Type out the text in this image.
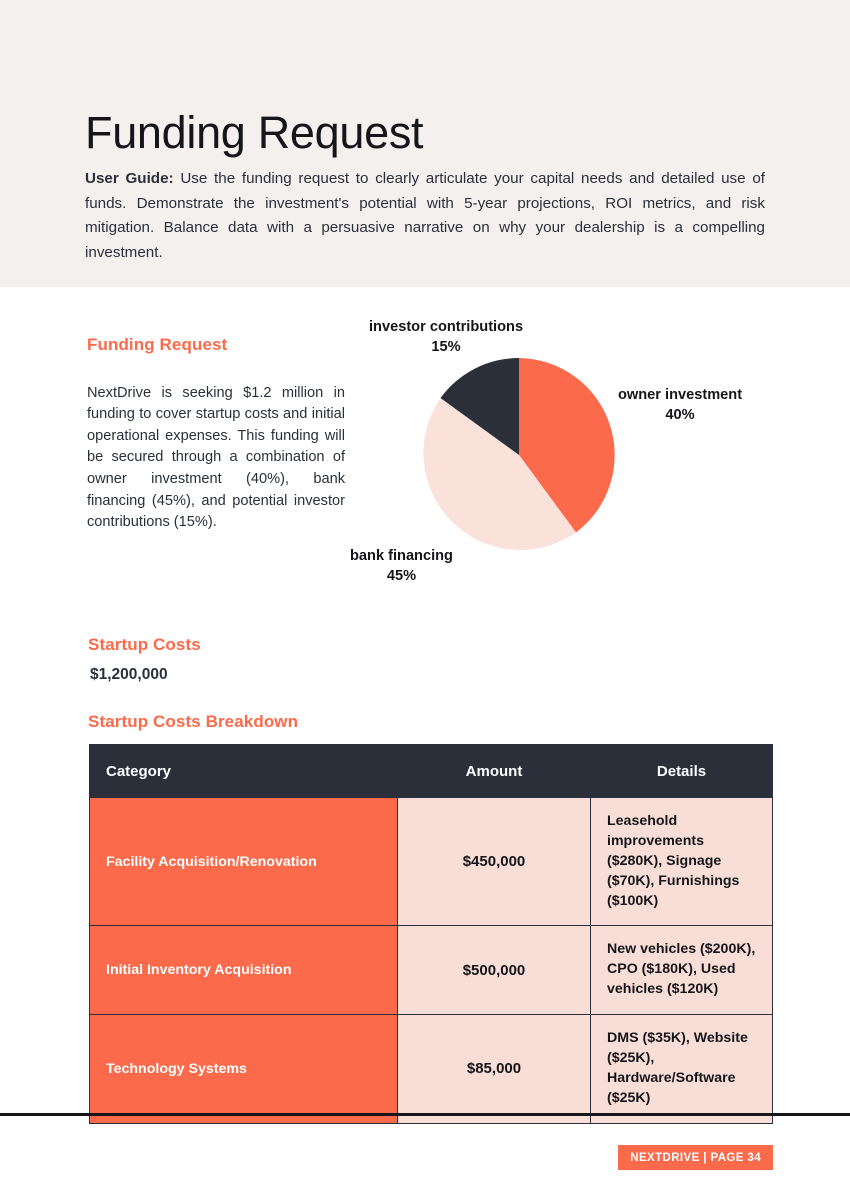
Funding Request

User Guide: Use the funding request to clearly articulate your capital needs and detailed use of funds. Demonstrate the investment's potential with 5-year projections, ROI metrics, and risk mitigation. Balance data with a persuasive narrative on why your dealership is a compelling investment.

Funding Request

NextDrive is seeking $1.2 million in funding to cover startup costs and initial operational expenses. This funding will be secured through a combination of owner investment (40%), bank financing (45%), and potential investor contributions (15%).

investor contributions
15%
owner investment
40%
bank financing
45%
Startup Costs
$1,200,000
Startup Costs Breakdown
Category	Amount	Details
Facility Acquisition/Renovation	$450,000	Leasehold improvements ($280K), Signage ($70K), Furnishings ($100K)
Initial Inventory Acquisition	$500,000	New vehicles ($200K), CPO ($180K), Used vehicles ($120K)
Technology Systems	$85,000	DMS ($35K), Website ($25K), Hardware/Software ($25K)
NEXTDRIVE | PAGE 34
